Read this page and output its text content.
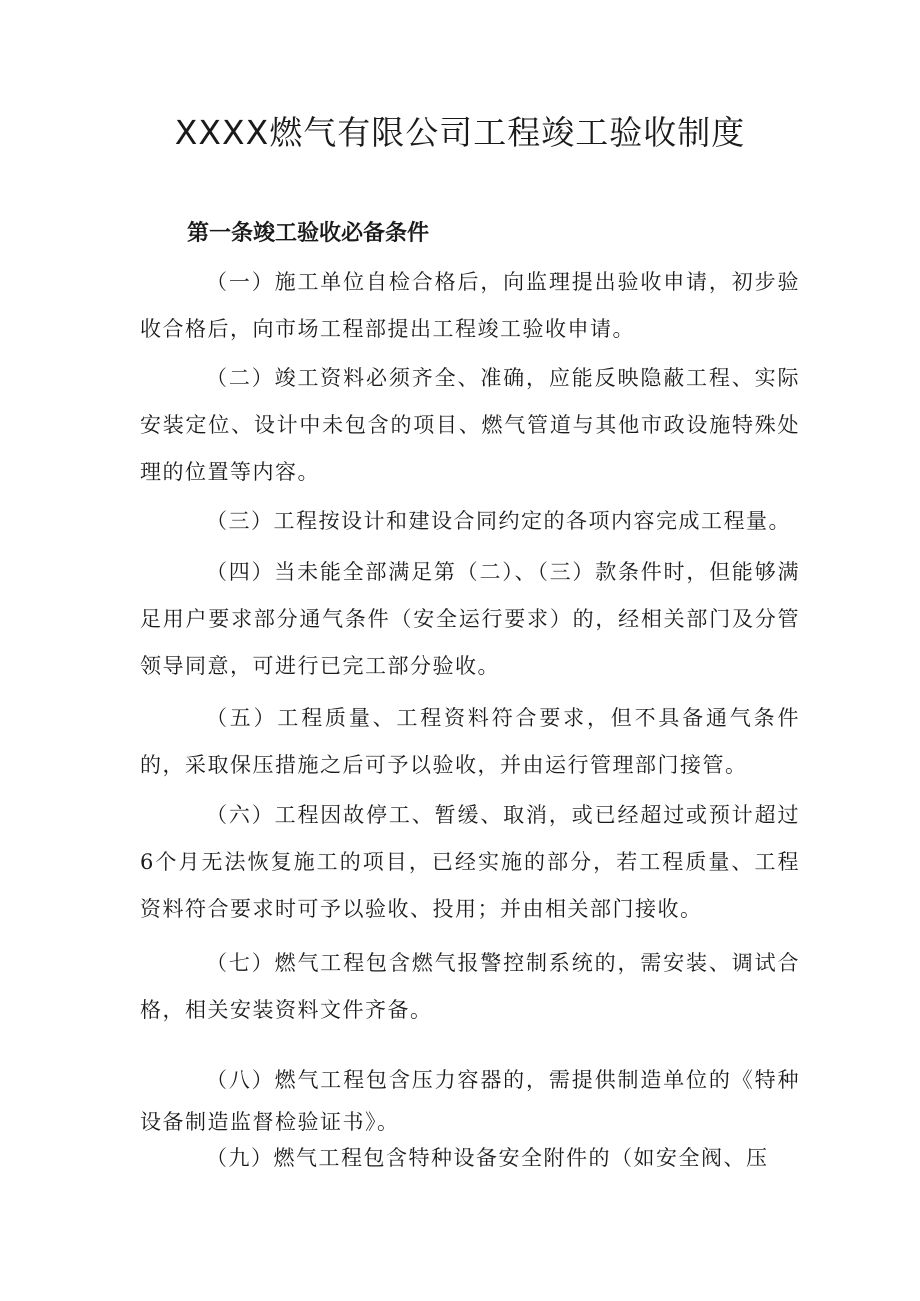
XXXX燃气有限公司工程竣工验收制度
第一条竣工验收必备条件

（一）施工单位自检合格后，向监理提出验收申请，初步验收合格后，向市场工程部提出工程竣工验收申请。

（二）竣工资料必须齐全、准确，应能反映隐蔽工程、实际安装定位、设计中未包含的项目、燃气管道与其他市政设施特殊处理的位置等内容。

（三）工程按设计和建设合同约定的各项内容完成工程量。

（四）当未能全部满足第（二）、（三）款条件时，但能够满足用户要求部分通气条件（安全运行要求）的，经相关部门及分管领导同意，可进行已完工部分验收。

（五）工程质量、工程资料符合要求，但不具备通气条件的，采取保压措施之后可予以验收，并由运行管理部门接管。

（六）工程因故停工、暂缓、取消，或已经超过或预计超过6个月无法恢复施工的项目，已经实施的部分，若工程质量、工程资料符合要求时可予以验收、投用；并由相关部门接收。

（七）燃气工程包含燃气报警控制系统的，需安装、调试合格，相关安装资料文件齐备。

（八）燃气工程包含压力容器的，需提供制造单位的《特种设备制造监督检验证书》。

（九）燃气工程包含特种设备安全附件的（如安全阀、压
